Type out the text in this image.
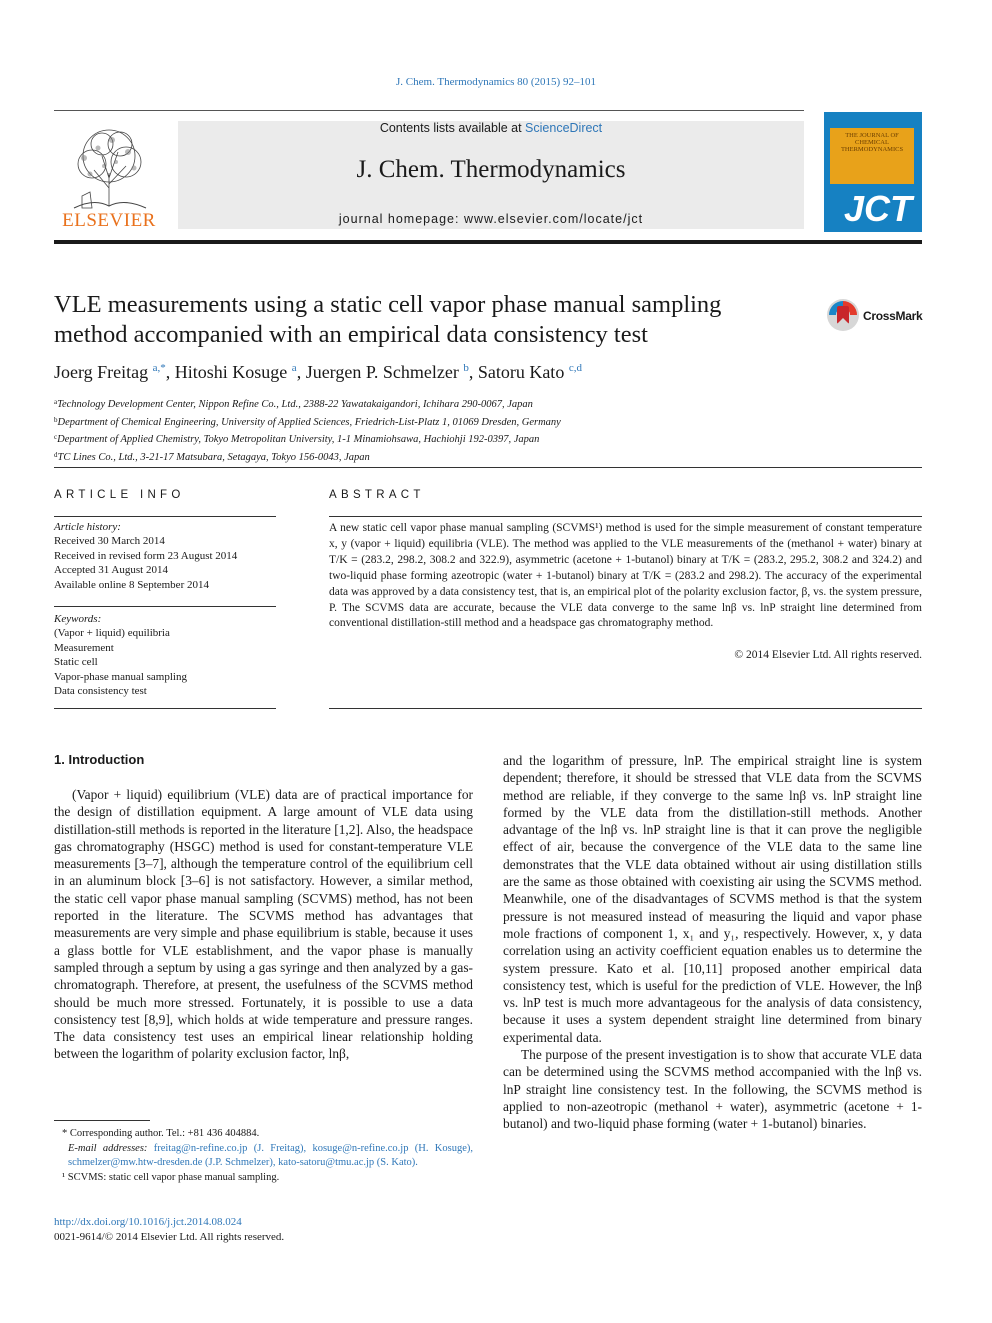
J. Chem. Thermodynamics 80 (2015) 92–101
ELSEVIER
Contents lists available at ScienceDirect
J. Chem. Thermodynamics
journal homepage: www.elsevier.com/locate/jct
THE JOURNAL OF CHEMICAL THERMODYNAMICS
JCT
VLE measurements using a static cell vapor phase manual sampling method accompanied with an empirical data consistency test
CrossMark
Joerg Freitag $^{a,*}$, Hitoshi Kosuge $^a$, Juergen P. Schmelzer $^b$, Satoru Kato $^{c,d}$
$^a$Technology Development Center, Nippon Refine Co., Ltd., 2388-22 Yawatakaigandori, Ichihara 290-0067, Japan
$^b$Department of Chemical Engineering, University of Applied Sciences, Friedrich-List-Platz 1, 01069 Dresden, Germany
$^c$Department of Applied Chemistry, Tokyo Metropolitan University, 1-1 Minamiohsawa, Hachiohji 192-0397, Japan
$^d$TC Lines Co., Ltd., 3-21-17 Matsubara, Setagaya, Tokyo 156-0043, Japan
ARTICLE INFO
Article history:
Received 30 March 2014
Received in revised form 23 August 2014
Accepted 31 August 2014
Available online 8 September 2014
Keywords:
(Vapor + liquid) equilibria
Measurement
Static cell
Vapor-phase manual sampling
Data consistency test
ABSTRACT
A new static cell vapor phase manual sampling (SCVMS¹) method is used for the simple measurement of constant temperature x, y (vapor + liquid) equilibria (VLE). The method was applied to the VLE measurements of the (methanol + water) binary at T/K = (283.2, 298.2, 308.2 and 322.9), asymmetric (acetone + 1-butanol) binary at T/K = (283.2, 295.2, 308.2 and 324.2) and two-liquid phase forming azeotropic (water + 1-butanol) binary at T/K = (283.2 and 298.2). The accuracy of the experimental data was approved by a data consistency test, that is, an empirical plot of the polarity exclusion factor, β, vs. the system pressure, P. The SCVMS data are accurate, because the VLE data converge to the same lnβ vs. lnP straight line determined from conventional distillation-still method and a headspace gas chromatography method.
© 2014 Elsevier Ltd. All rights reserved.
1. Introduction

(Vapor + liquid) equilibrium (VLE) data are of practical importance for the design of distillation equipment. A large amount of VLE data using distillation-still methods is reported in the literature [1,2]. Also, the headspace gas chromatography (HSGC) method is used for constant-temperature VLE measurements [3–7], although the temperature control of the equilibrium cell in an aluminum block [3–6] is not satisfactory. However, a similar method, the static cell vapor phase manual sampling (SCVMS) method, has not been reported in the literature. The SCVMS method has advantages that measurements are very simple and phase equilibrium is stable, because it uses a glass bottle for VLE establishment, and the vapor phase is manually sampled through a septum by using a gas syringe and then analyzed by a gas-chromatograph. Therefore, at present, the usefulness of the SCVMS method should be much more stressed. Fortunately, it is possible to use a data consistency test [8,9], which holds at wide temperature and pressure ranges. The data consistency test uses an empirical linear relationship holding between the logarithm of polarity exclusion factor, lnβ,

and the logarithm of pressure, lnP. The empirical straight line is system dependent; therefore, it should be stressed that VLE data from the SCVMS method are reliable, if they converge to the same lnβ vs. lnP straight line formed by the VLE data from the distillation-still methods. Another advantage of the lnβ vs. lnP straight line is that it can prove the negligible effect of air, because the convergence of the VLE data to the same line demonstrates that the VLE data obtained without air using distillation stills are the same as those obtained with coexisting air using the SCVMS method. Meanwhile, one of the disadvantages of SCVMS method is that the system pressure is not measured instead of measuring the liquid and vapor phase mole fractions of component 1, x₁ and y₁, respectively. However, x, y data correlation using an activity coefficient equation enables us to determine the system pressure. Kato et al. [10,11] proposed another empirical data consistency test, which is useful for the prediction of VLE. However, the lnβ vs. lnP test is much more advantageous for the analysis of data consistency, because it uses a system dependent straight line determined from binary experimental data.

The purpose of the present investigation is to show that accurate VLE data can be determined using the SCVMS method accompanied with the lnβ vs. lnP straight line consistency test. In the following, the SCVMS method is applied to non-azeotropic (methanol + water), asymmetric (acetone + 1-butanol) and two-liquid phase forming (water + 1-butanol) binaries.

* Corresponding author. Tel.: +81 436 404884.
E-mail addresses: freitag@n-refine.co.jp (J. Freitag), kosuge@n-refine.co.jp (H. Kosuge), schmelzer@mw.htw-dresden.de (J.P. Schmelzer), kato-satoru@tmu.ac.jp (S. Kato).
¹ SCVMS: static cell vapor phase manual sampling.
http://dx.doi.org/10.1016/j.jct.2014.08.024
0021-9614/© 2014 Elsevier Ltd. All rights reserved.
